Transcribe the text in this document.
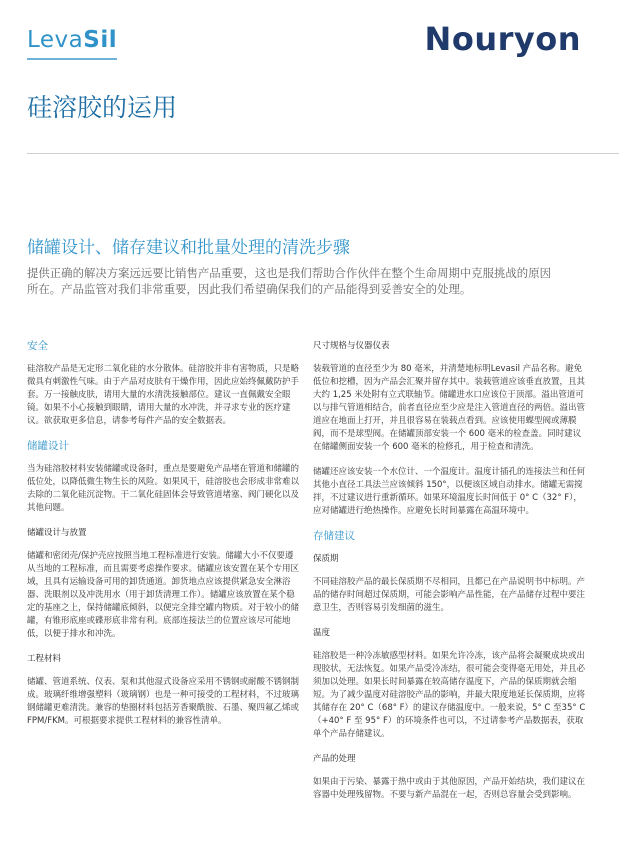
LevaSil	Nouryon
硅溶胶的运用
储罐设计、储存建议和批量处理的清洗步骤

提供正确的解决方案远远要比销售产品重要，这也是我们帮助合作伙伴在整个生命周期中克服挑战的原因所在。产品监管对我们非常重要，因此我们希望确保我们的产品能得到妥善安全的处理。

安全

硅溶胶产品是无定形二氧化硅的水分散体。硅溶胶并非有害物质，只是略微具有刺激性气味。由于产品对皮肤有干燥作用，因此应始终佩戴防护手套。万一接触皮肤，请用大量的水清洗接触部位。建议一直佩戴安全眼镜。如果不小心接触到眼睛，请用大量的水冲洗，并寻求专业的医疗建议。欲获取更多信息，请参考每件产品的安全数据表。

储罐设计

当为硅溶胶材料安装储罐或设备时，重点是要避免产品堵在管道和储罐的低位处，以降低微生物生长的风险。如果风干，硅溶胶也会形成非常难以去除的二氧化硅沉淀物。干二氧化硅固体会导致管道堵塞、阀门硬化以及其他问题。

储罐设计与放置

储罐和密闭壳/保护壳应按照当地工程标准进行安装。储罐大小不仅要遵从当地的工程标准，而且需要考虑操作要求。储罐应该安置在某个专用区域，且具有运输设备可用的卸货通道。卸货地点应该提供紧急安全淋浴器、洗眼剂以及冲洗用水（用于卸货清理工作）。储罐应该放置在某个稳定的基座之上，保持储罐底倾斜，以便完全排空罐内物质。对于较小的储罐，有锥形底座或碟形底非常有利。底部连接法兰的位置应该尽可能地低，以便于排水和冲洗。

工程材料

储罐、管道系统、仪表、泵和其他湿式设备应采用不锈钢或耐酸不锈钢制成。玻璃纤维增强塑料（玻璃钢）也是一种可接受的工程材料，不过玻璃钢储罐更难清洗。兼容的垫圈材料包括芳香聚酰胺、石墨、聚四氟乙烯或 FPM/FKM。可根据要求提供工程材料的兼容性清单。

尺寸规格与仪器仪表

装载管道的直径至少为 80 毫米，并清楚地标明Levasil 产品名称。避免低位和挖槽，因为产品会汇聚并留存其中。装载管道应该垂直放置，且其大约 1,25 米处附有立式联轴节。储罐进水口应该位于顶部。溢出管道可以与排气管道相结合，前者直径应至少应是注入管道直径的两倍。溢出管道应在地面上打开，并且很容易在装载点看到。应该使用蝶型阀或薄膜阀，而不是球型阀。在储罐顶部安装一个 600 毫米的检查盖。同时建议在储罐侧面安装一个 600 毫米的检修孔，用于检查和清洗。

储罐还应该安装一个水位计、一个温度计。温度计插孔的连接法兰和任何其他小直径工具法兰应该倾斜 150°，以便该区域自动排水。储罐无需搅拌，不过建议进行重新循环。如果环境温度长时间低于 0° C（32° F），应对储罐进行绝热操作。应避免长时间暴露在高温环境中。

存储建议
保质期

不同硅溶胶产品的最长保质期不尽相同，且都已在产品说明书中标明。产品的储存时间超过保质期，可能会影响产品性能，在产品储存过程中要注意卫生，否则容易引发细菌的滋生。

温度

硅溶胶是一种冷冻敏感型材料。如果允许冷冻，该产品将会凝聚成块或出现胶状，无法恢复。如果产品受冷冻结，很可能会变得毫无用处，并且必须加以处理。如果长时间暴露在较高储存温度下，产品的保质期就会缩短。为了减少温度对硅溶胶产品的影响，并最大限度地延长保质期，应将其储存在 20° C（68° F）的建议存储温度中。一般来说，5° C 至35° C（+40° F 至 95° F）的环境条件也可以，不过请参考产品数据表，获取单个产品存储建议。

产品的处理

如果由于污染、暴露于热中或由于其他原因，产品开始结块，我们建议在容器中处理残留物。不要与新产品混在一起，否则总容量会受到影响。
